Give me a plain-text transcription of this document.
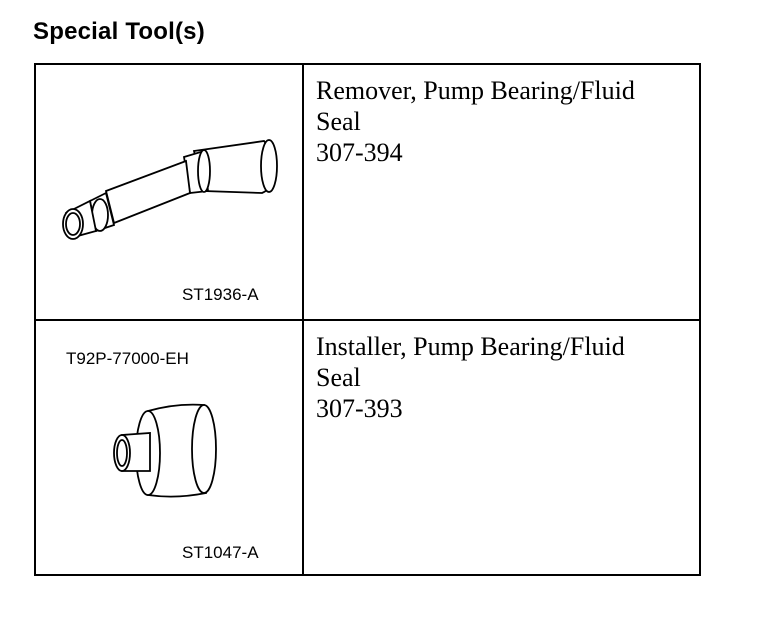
Special Tool(s)
ST1936-A
Remover, Pump Bearing/Fluid
Seal
307-394
T92P-77000-EH
ST1047-A
Installer, Pump Bearing/Fluid
Seal
307-393
